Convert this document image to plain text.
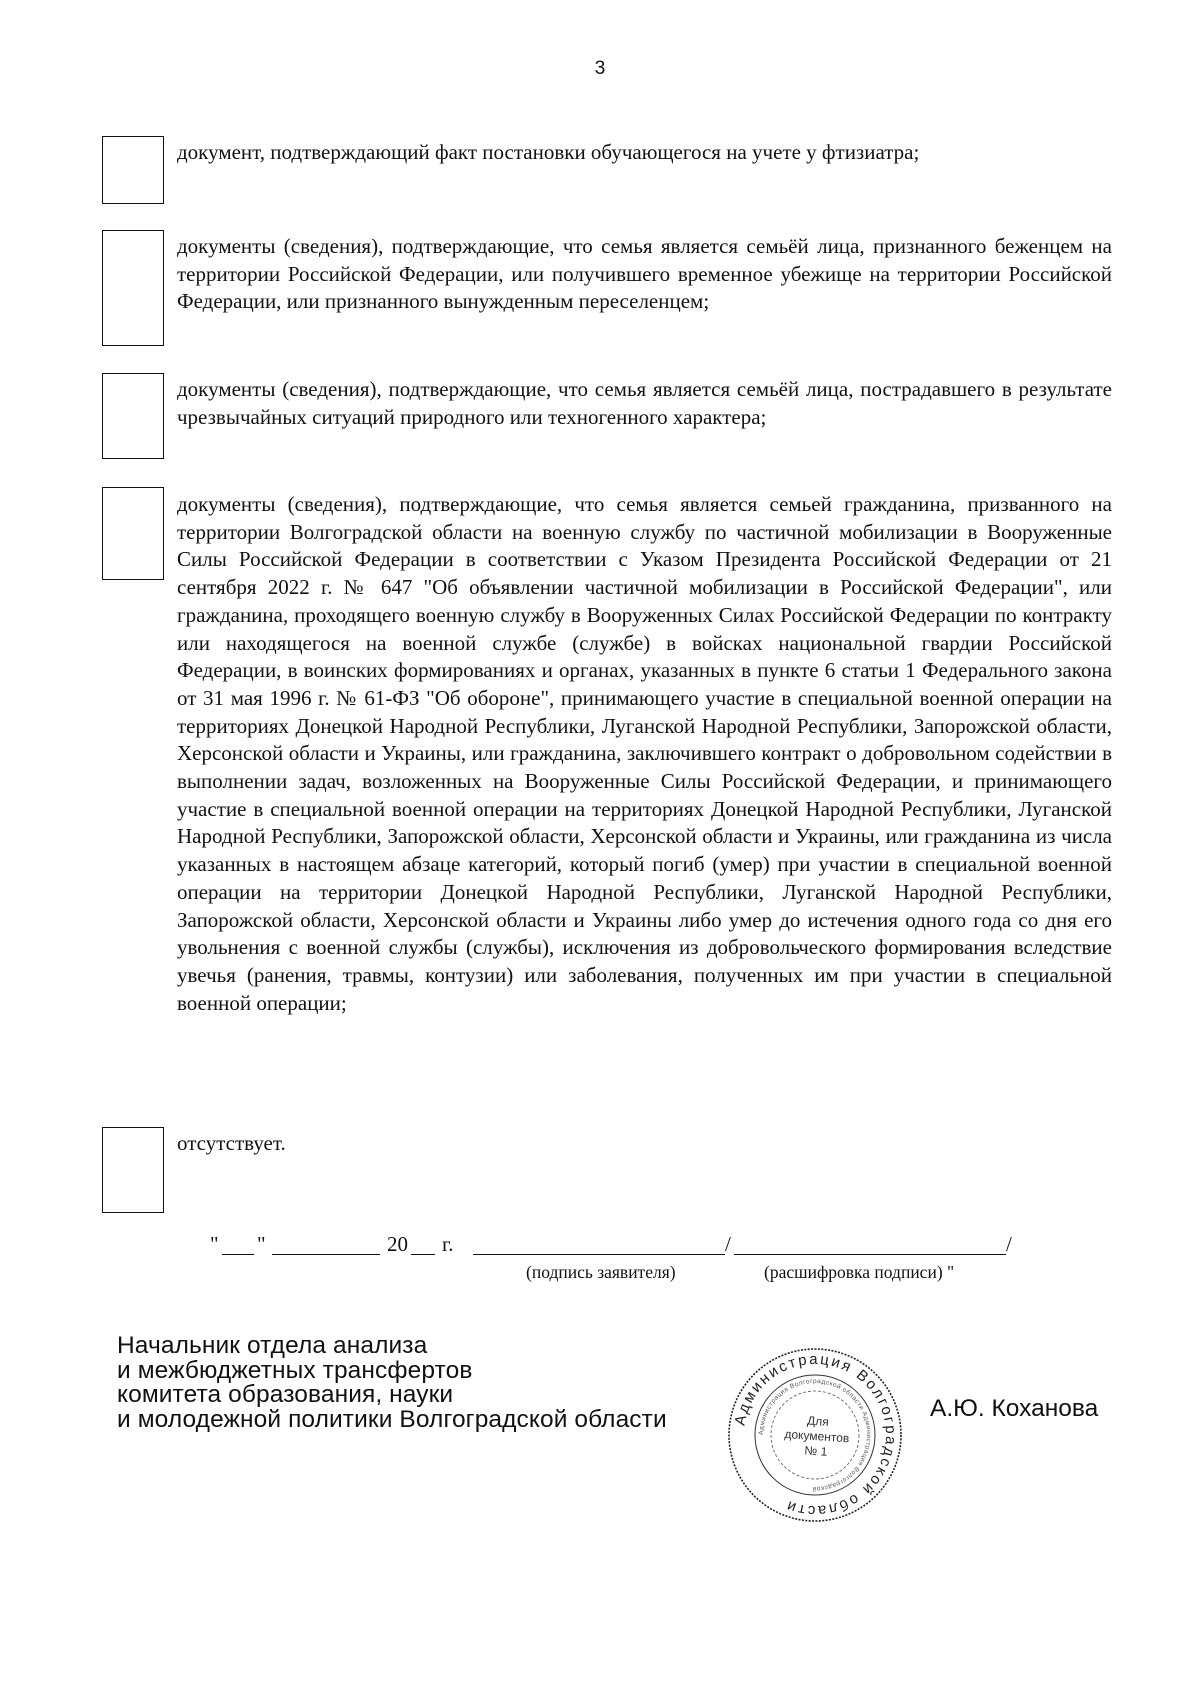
3
документ, подтверждающий факт постановки обучающегося на учете у фтизиатра;
документы (сведения), подтверждающие, что семья является семьёй лица, признанного беженцем на территории Российской Федерации, или получившего временное убежище на территории Российской Федерации, или признанного вынужденным переселенцем;
документы (сведения), подтверждающие, что семья является семьёй лица, пострадавшего в результате чрезвычайных ситуаций природного или техногенного характера;
документы (сведения), подтверждающие, что семья является семьей гражданина, призванного на территории Волгоградской области на военную службу по частичной мобилизации в Вооруженные Силы Российской Федерации в соответствии с Указом Президента Российской Федерации от 21 сентября 2022 г. № 647 "Об объявлении частичной мобилизации в Российской Федерации", или гражданина, проходящего военную службу в Вооруженных Силах Российской Федерации по контракту или находящегося на военной службе (службе) в войсках национальной гвардии Российской Федерации, в воинских формированиях и органах, указанных в пункте 6 статьи 1 Федерального закона от 31 мая 1996 г. № 61-ФЗ "Об обороне", принимающего участие в специальной военной операции на территориях Донецкой Народной Республики, Луганской Народной Республики, Запорожской области, Херсонской области и Украины, или гражданина, заключившего контракт о добровольном содействии в выполнении задач, возложенных на Вооруженные Силы Российской Федерации, и принимающего участие в специальной военной операции на территориях Донецкой Народной Республики, Луганской Народной Республики, Запорожской области, Херсонской области и Украины, или гражданина из числа указанных в настоящем абзаце категорий, который погиб (умер) при участии в специальной военной операции на территории Донецкой Народной Республики, Луганской Народной Республики, Запорожской области, Херсонской области и Украины либо умер до истечения одного года со дня его увольнения с военной службы (службы), исключения из добровольческого формирования вследствие увечья (ранения, травмы, контузии) или заболевания, полученных им при участии в специальной военной операции;
отсутствует.
" "	20 г.	/	/
(подпись заявителя)	(расшифровка подписи) "
Начальник отдела анализа
и межбюджетных трансфертов
комитета образования, науки
и молодежной политики Волгоградской области	Администрация Волгоградской области
Администрация Волгоградской области Администрация Волгоградской
Для
документов
№ 1
А.Ю. Коханова
